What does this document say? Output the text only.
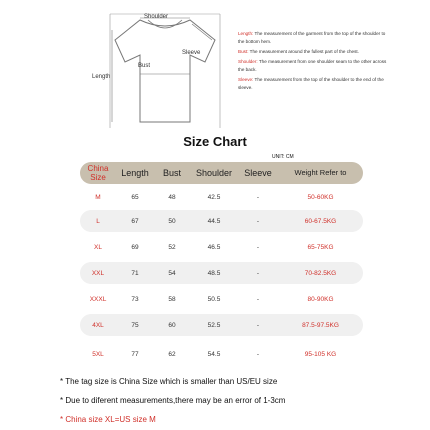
Shoulder
Sleeve
Bust
Length
Length: The measurement of the garment from the top of the shoulder to the bottom hem.
Bust: The measurement around the fullest part of the chest.
Shoulder: The measurement from one shoulder seam to the other across the back.
Sleeve: The measurement from the top of the shoulder to the end of the sleeve.
Size Chart
UNIT: CM
China Size	Length	Bust	Shoulder	Sleeve	Weight Refer to
M	65	48	42.5	-	50-60KG
L	67	50	44.5	-	60-67.5KG
XL	69	52	46.5	-	65-75KG
XXL	71	54	48.5	-	70-82.5KG
XXXL	73	58	50.5	-	80-90KG
4XL	75	60	52.5	-	87.5-97.5KG
5XL	77	62	54.5	-	95-105 KG
* The tag size is China Size which is smaller than US/EU size
* Due to diferent measurements,there may be an error of 1-3cm
* China size XL=US size M
